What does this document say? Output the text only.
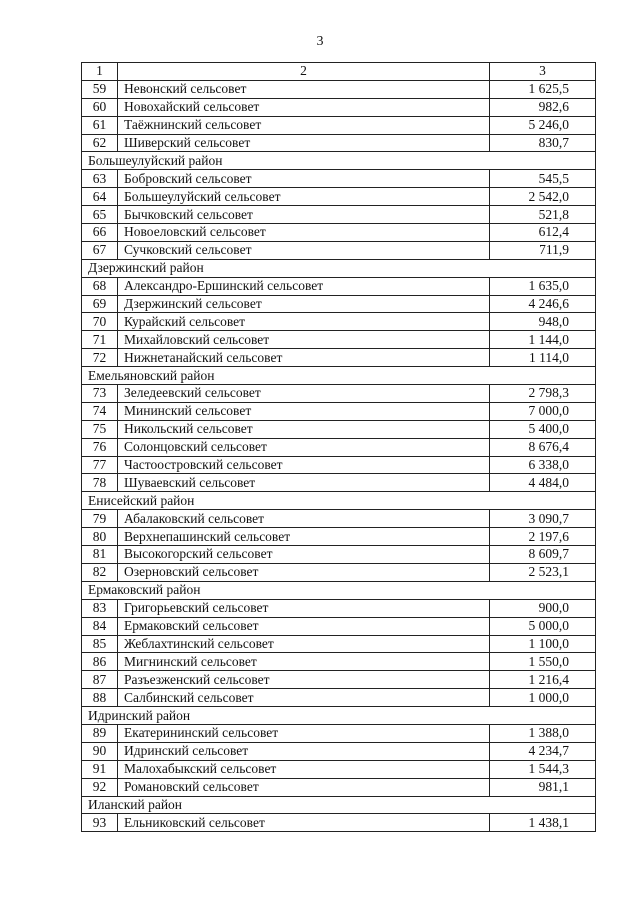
3
1	2	3
59	Невонский сельсовет	1 625,5
60	Новохайский сельсовет	982,6
61	Таёжнинский сельсовет	5 246,0
62	Шиверский сельсовет	830,7
Большеулуйский район		
63	Бобровский сельсовет	545,5
64	Большеулуйский сельсовет	2 542,0
65	Бычковский сельсовет	521,8
66	Новоеловский сельсовет	612,4
67	Сучковский сельсовет	711,9
Дзержинский район		
68	Александро-Ершинский сельсовет	1 635,0
69	Дзержинский сельсовет	4 246,6
70	Курайский сельсовет	948,0
71	Михайловский сельсовет	1 144,0
72	Нижнетанайский сельсовет	1 114,0
Емельяновский район		
73	Зеледеевский сельсовет	2 798,3
74	Мининский сельсовет	7 000,0
75	Никольский сельсовет	5 400,0
76	Солонцовский сельсовет	8 676,4
77	Частоостровский сельсовет	6 338,0
78	Шуваевский сельсовет	4 484,0
Енисейский район		
79	Абалаковский сельсовет	3 090,7
80	Верхнепашинский сельсовет	2 197,6
81	Высокогорский сельсовет	8 609,7
82	Озерновский сельсовет	2 523,1
Ермаковский район		
83	Григорьевский сельсовет	900,0
84	Ермаковский сельсовет	5 000,0
85	Жеблахтинский сельсовет	1 100,0
86	Мигнинский сельсовет	1 550,0
87	Разъезженский сельсовет	1 216,4
88	Салбинский сельсовет	1 000,0
Идринский район		
89	Екатерининский сельсовет	1 388,0
90	Идринский сельсовет	4 234,7
91	Малохабыкский сельсовет	1 544,3
92	Романовский сельсовет	981,1
Иланский район		
93	Ельниковский сельсовет	1 438,1
